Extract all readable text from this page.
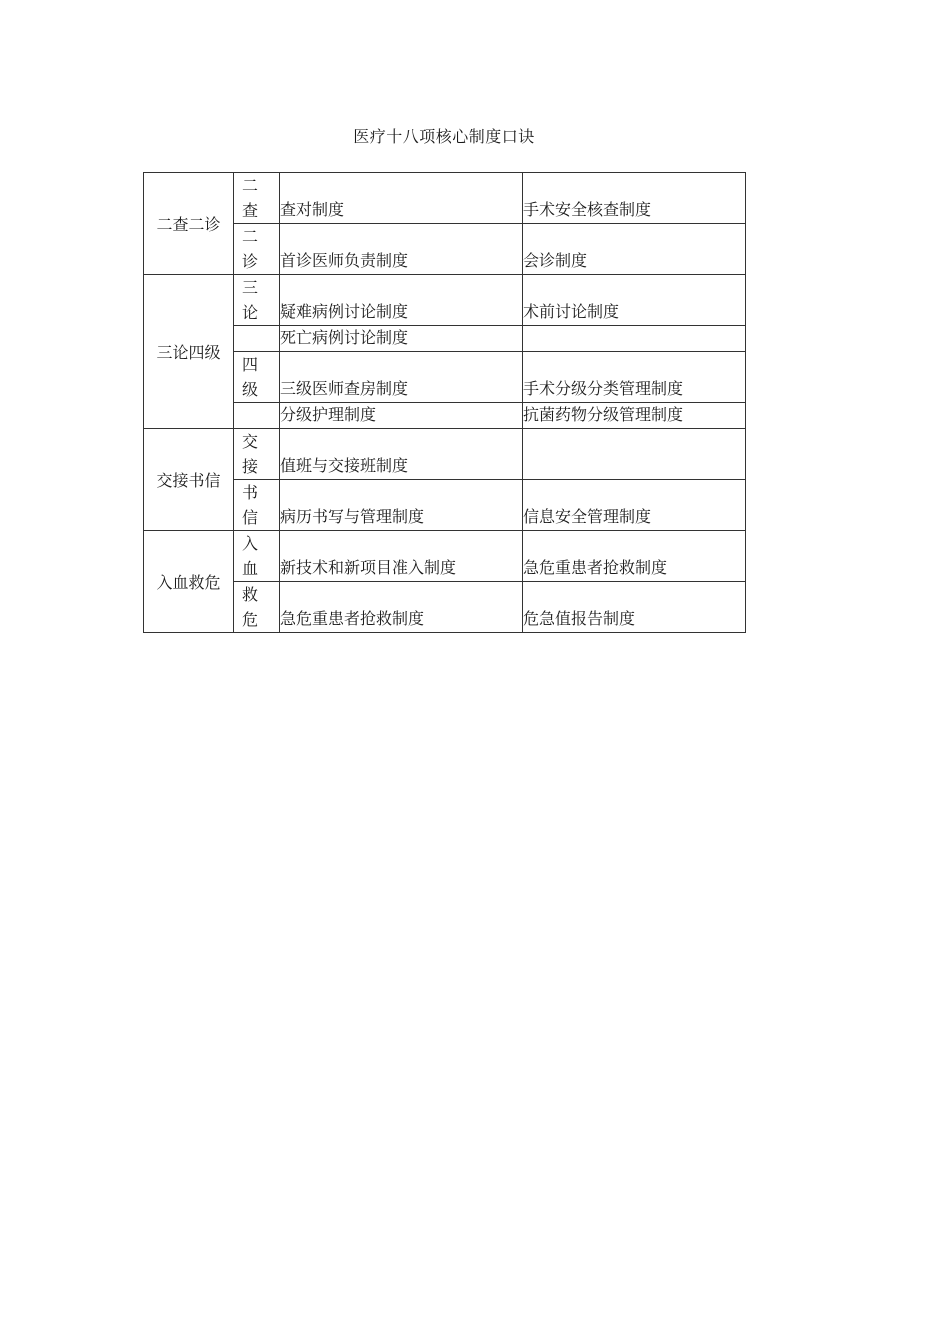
医疗十八项核心制度口诀
二查二诊	二查	查对制度	手术安全核查制度

	二诊	首诊医师负责制度	会诊制度

三论四级	三论	疑难病例讨论制度	术前讨论制度

		死亡病例讨论制度	

	四级	三级医师查房制度	手术分级分类管理制度

		分级护理制度	抗菌药物分级管理制度

交接书信	交接	值班与交接班制度	

	书信	病历书写与管理制度	信息安全管理制度

入血救危	入血	新技术和新项目准入制度	急危重患者抢救制度

	救危	急危重患者抢救制度	危急值报告制度
